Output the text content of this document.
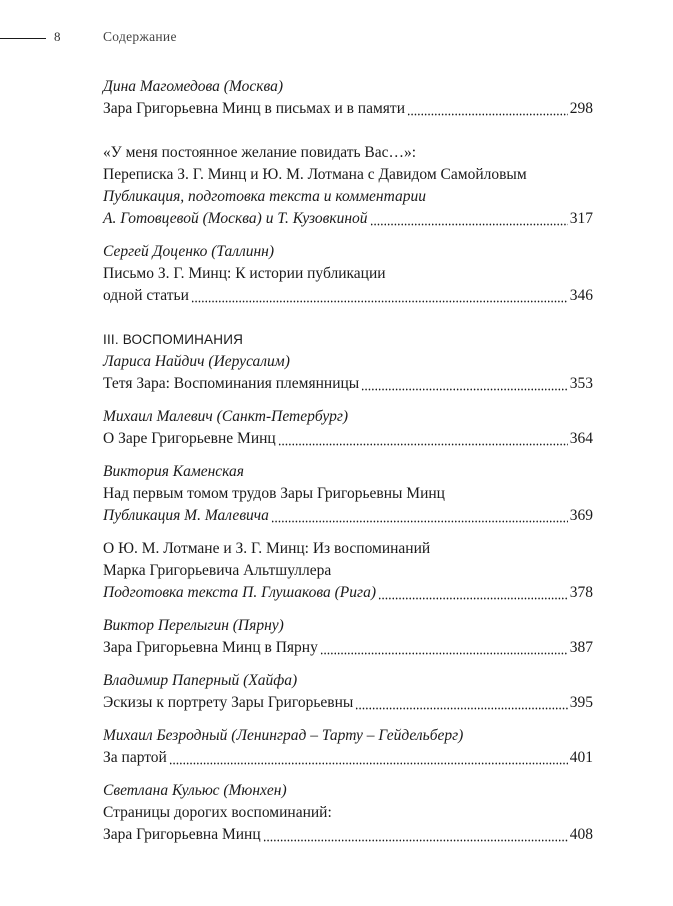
8	Содержание
Дина Магомедова (Москва)
Зара Григорьевна Минц в письмах и в памяти	298
«У меня постоянное желание повидать Вас…»:
Переписка З. Г. Минц и Ю. М. Лотмана с Давидом Самойловым
Публикация, подготовка текста и комментарии
А. Готовцевой (Москва) и Т. Кузовкиной	317
Сергей Доценко (Таллинн)
Письмо З. Г. Минц: К истории публикации
одной статьи	346
III. ВОСПОМИНАНИЯ
Лариса Найдич (Иерусалим)
Тетя Зара: Воспоминания племянницы	353
Михаил Малевич (Санкт-Петербург)
О Заре Григорьевне Минц	364
Виктория Каменская
Над первым томом трудов Зары Григорьевны Минц
Публикация М. Малевича	369
О Ю. М. Лотмане и З. Г. Минц: Из воспоминаний
Марка Григорьевича Альтшуллера
Подготовка текста П. Глушакова (Рига)	378
Виктор Перелыгин (Пярну)
Зара Григорьевна Минц в Пярну	387
Владимир Паперный (Хайфа)
Эскизы к портрету Зары Григорьевны	395
Михаил Безродный (Ленинград – Тарту – Гейдельберг)
За партой	401
Светлана Кульюс (Мюнхен)
Страницы дорогих воспоминаний:
Зара Григорьевна Минц	408
